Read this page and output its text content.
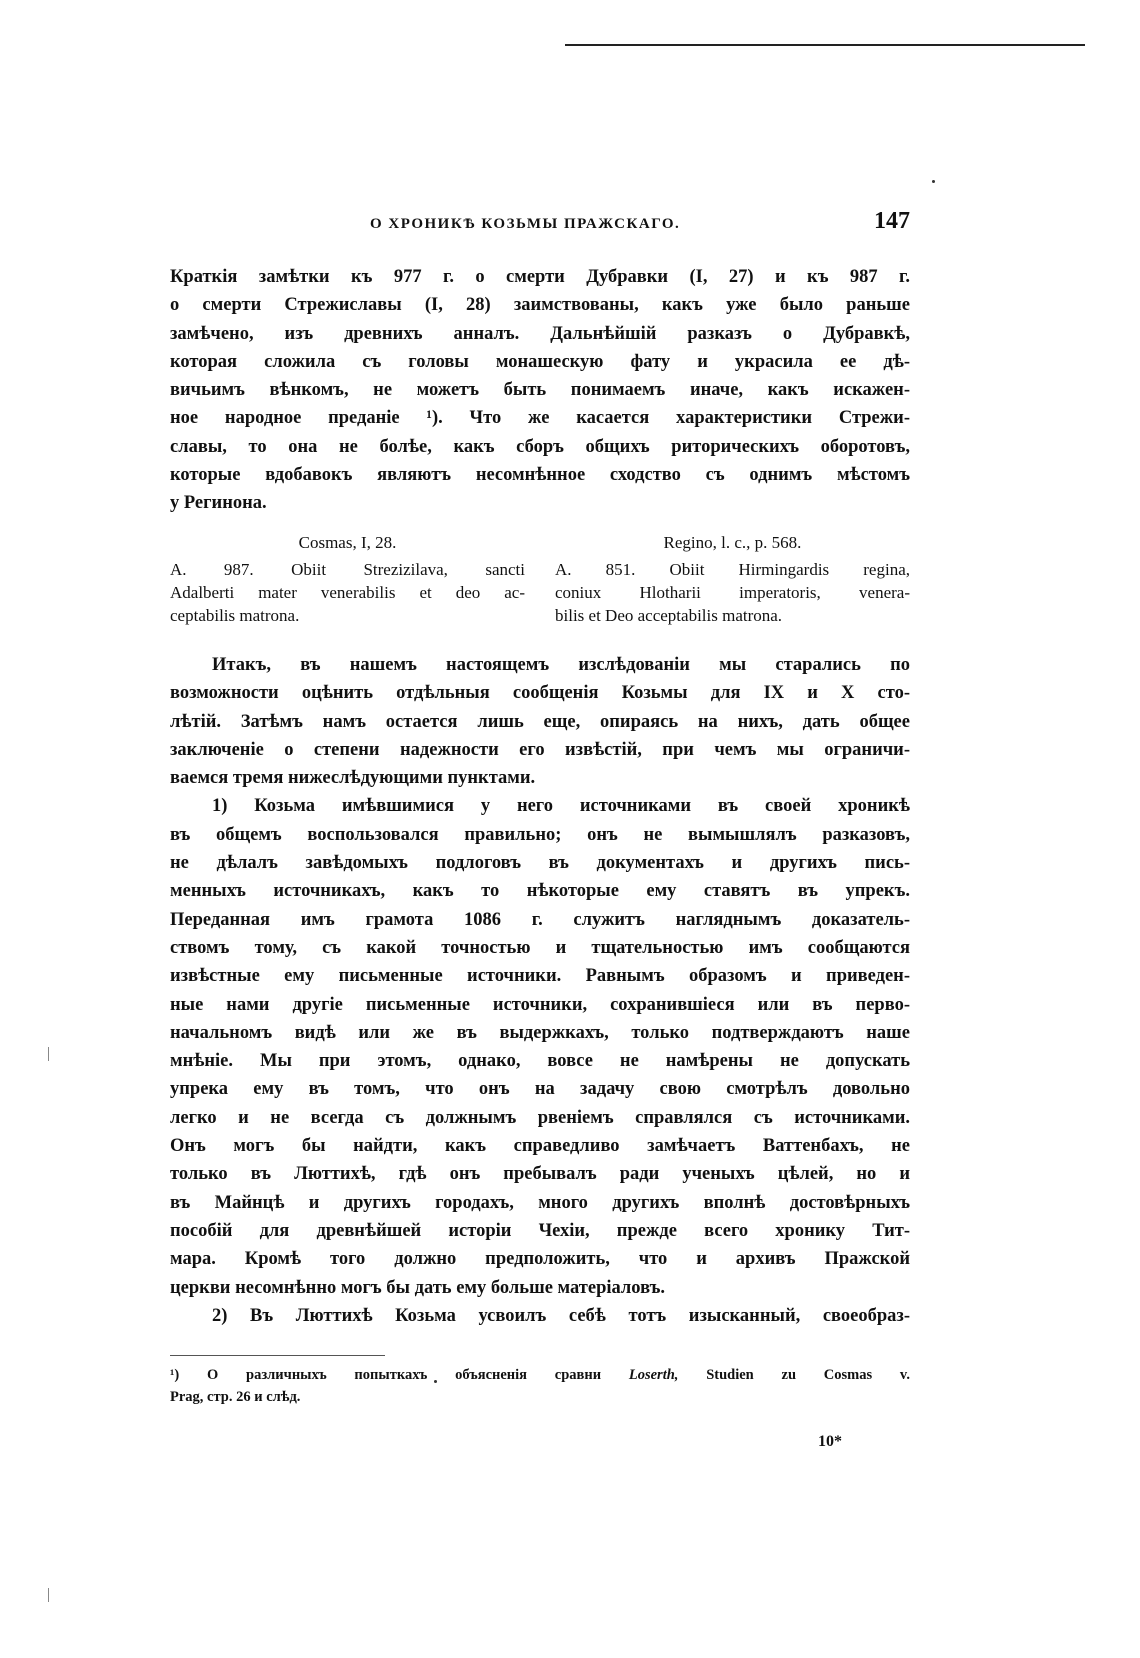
О ХРОНИКѢ КОЗЬМЫ ПРАЖСКАГО.	147
Краткія замѣтки къ 977 г. о смерти Дубравки (I, 27) и къ 987 г.
о смерти Стрежиславы (I, 28) заимствованы, какъ уже было раньше
замѣчено, изъ древнихъ анналъ. Дальнѣйшій разказъ о Дубравкѣ,
которая сложила съ головы монашескую фату и украсила ее дѣ-
вичьимъ вѣнкомъ, не можетъ быть понимаемъ иначе, какъ искажен-
ное народное преданіе ¹). Что же касается характеристики Стрежи-
славы, то она не болѣе, какъ сборъ общихъ риторическихъ оборотовъ,
которые вдобавокъ являютъ несомнѣнное сходство съ однимъ мѣстомъ
у Регинона.
Cosmas, I, 28.
A. 987. Obiit Strezizilava, sancti
Adalberti mater venerabilis et deo ac-
ceptabilis matrona.
Regino, l. c., p. 568.
A. 851. Obiit Hirmingardis regina,
coniux Hlotharii imperatoris, venera-
bilis et Deo acceptabilis matrona.
Итакъ, въ нашемъ настоящемъ изслѣдованіи мы старались по
возможности оцѣнить отдѣльныя сообщенія Козьмы для IX и X сто-
лѣтій. Затѣмъ намъ остается лишь еще, опираясь на нихъ, дать общее
заключеніе о степени надежности его извѣстій, при чемъ мы ограничи-
ваемся тремя нижеслѣдующими пунктами.
1) Козьма имѣвшимися у него источниками въ своей хроникѣ
въ общемъ воспользовался правильно; онъ не вымышлялъ разказовъ,
не дѣлалъ завѣдомыхъ подлоговъ въ документахъ и другихъ пись-
менныхъ источникахъ, какъ то нѣкоторые ему ставятъ въ упрекъ.
Переданная имъ грамота 1086 г. служитъ нагляднымъ доказатель-
ствомъ тому, съ какой точностью и тщательностью имъ сообщаются
извѣстные ему письменные источники. Равнымъ образомъ и приведен-
ные нами другіе письменные источники, сохранившіеся или въ перво-
начальномъ видѣ или же въ выдержкахъ, только подтверждаютъ наше
мнѣніе. Мы при этомъ, однако, вовсе не намѣрены не допускать
упрека ему въ томъ, что онъ на задачу свою смотрѣлъ довольно
легко и не всегда съ должнымъ рвеніемъ справлялся съ источниками.
Онъ могъ бы найдти, какъ справедливо замѣчаетъ Ваттенбахъ, не
только въ Люттихѣ, гдѣ онъ пребывалъ ради ученыхъ цѣлей, но и
въ Майнцѣ и другихъ городахъ, много другихъ вполнѣ достовѣрныхъ
пособій для древнѣйшей исторіи Чехіи, прежде всего хронику Тит-
мара. Кромѣ того должно предположить, что и архивъ Пражской
церкви несомнѣнно могъ бы дать ему больше матеріаловъ.
2) Въ Люттихѣ Козьма усвоилъ себѣ тотъ изысканный, своеобраз-
¹) О различныхъ попыткахъ объясненія сравни Loserth, Studien zu Cosmas v.
Prag, стр. 26 и слѣд.
10*
